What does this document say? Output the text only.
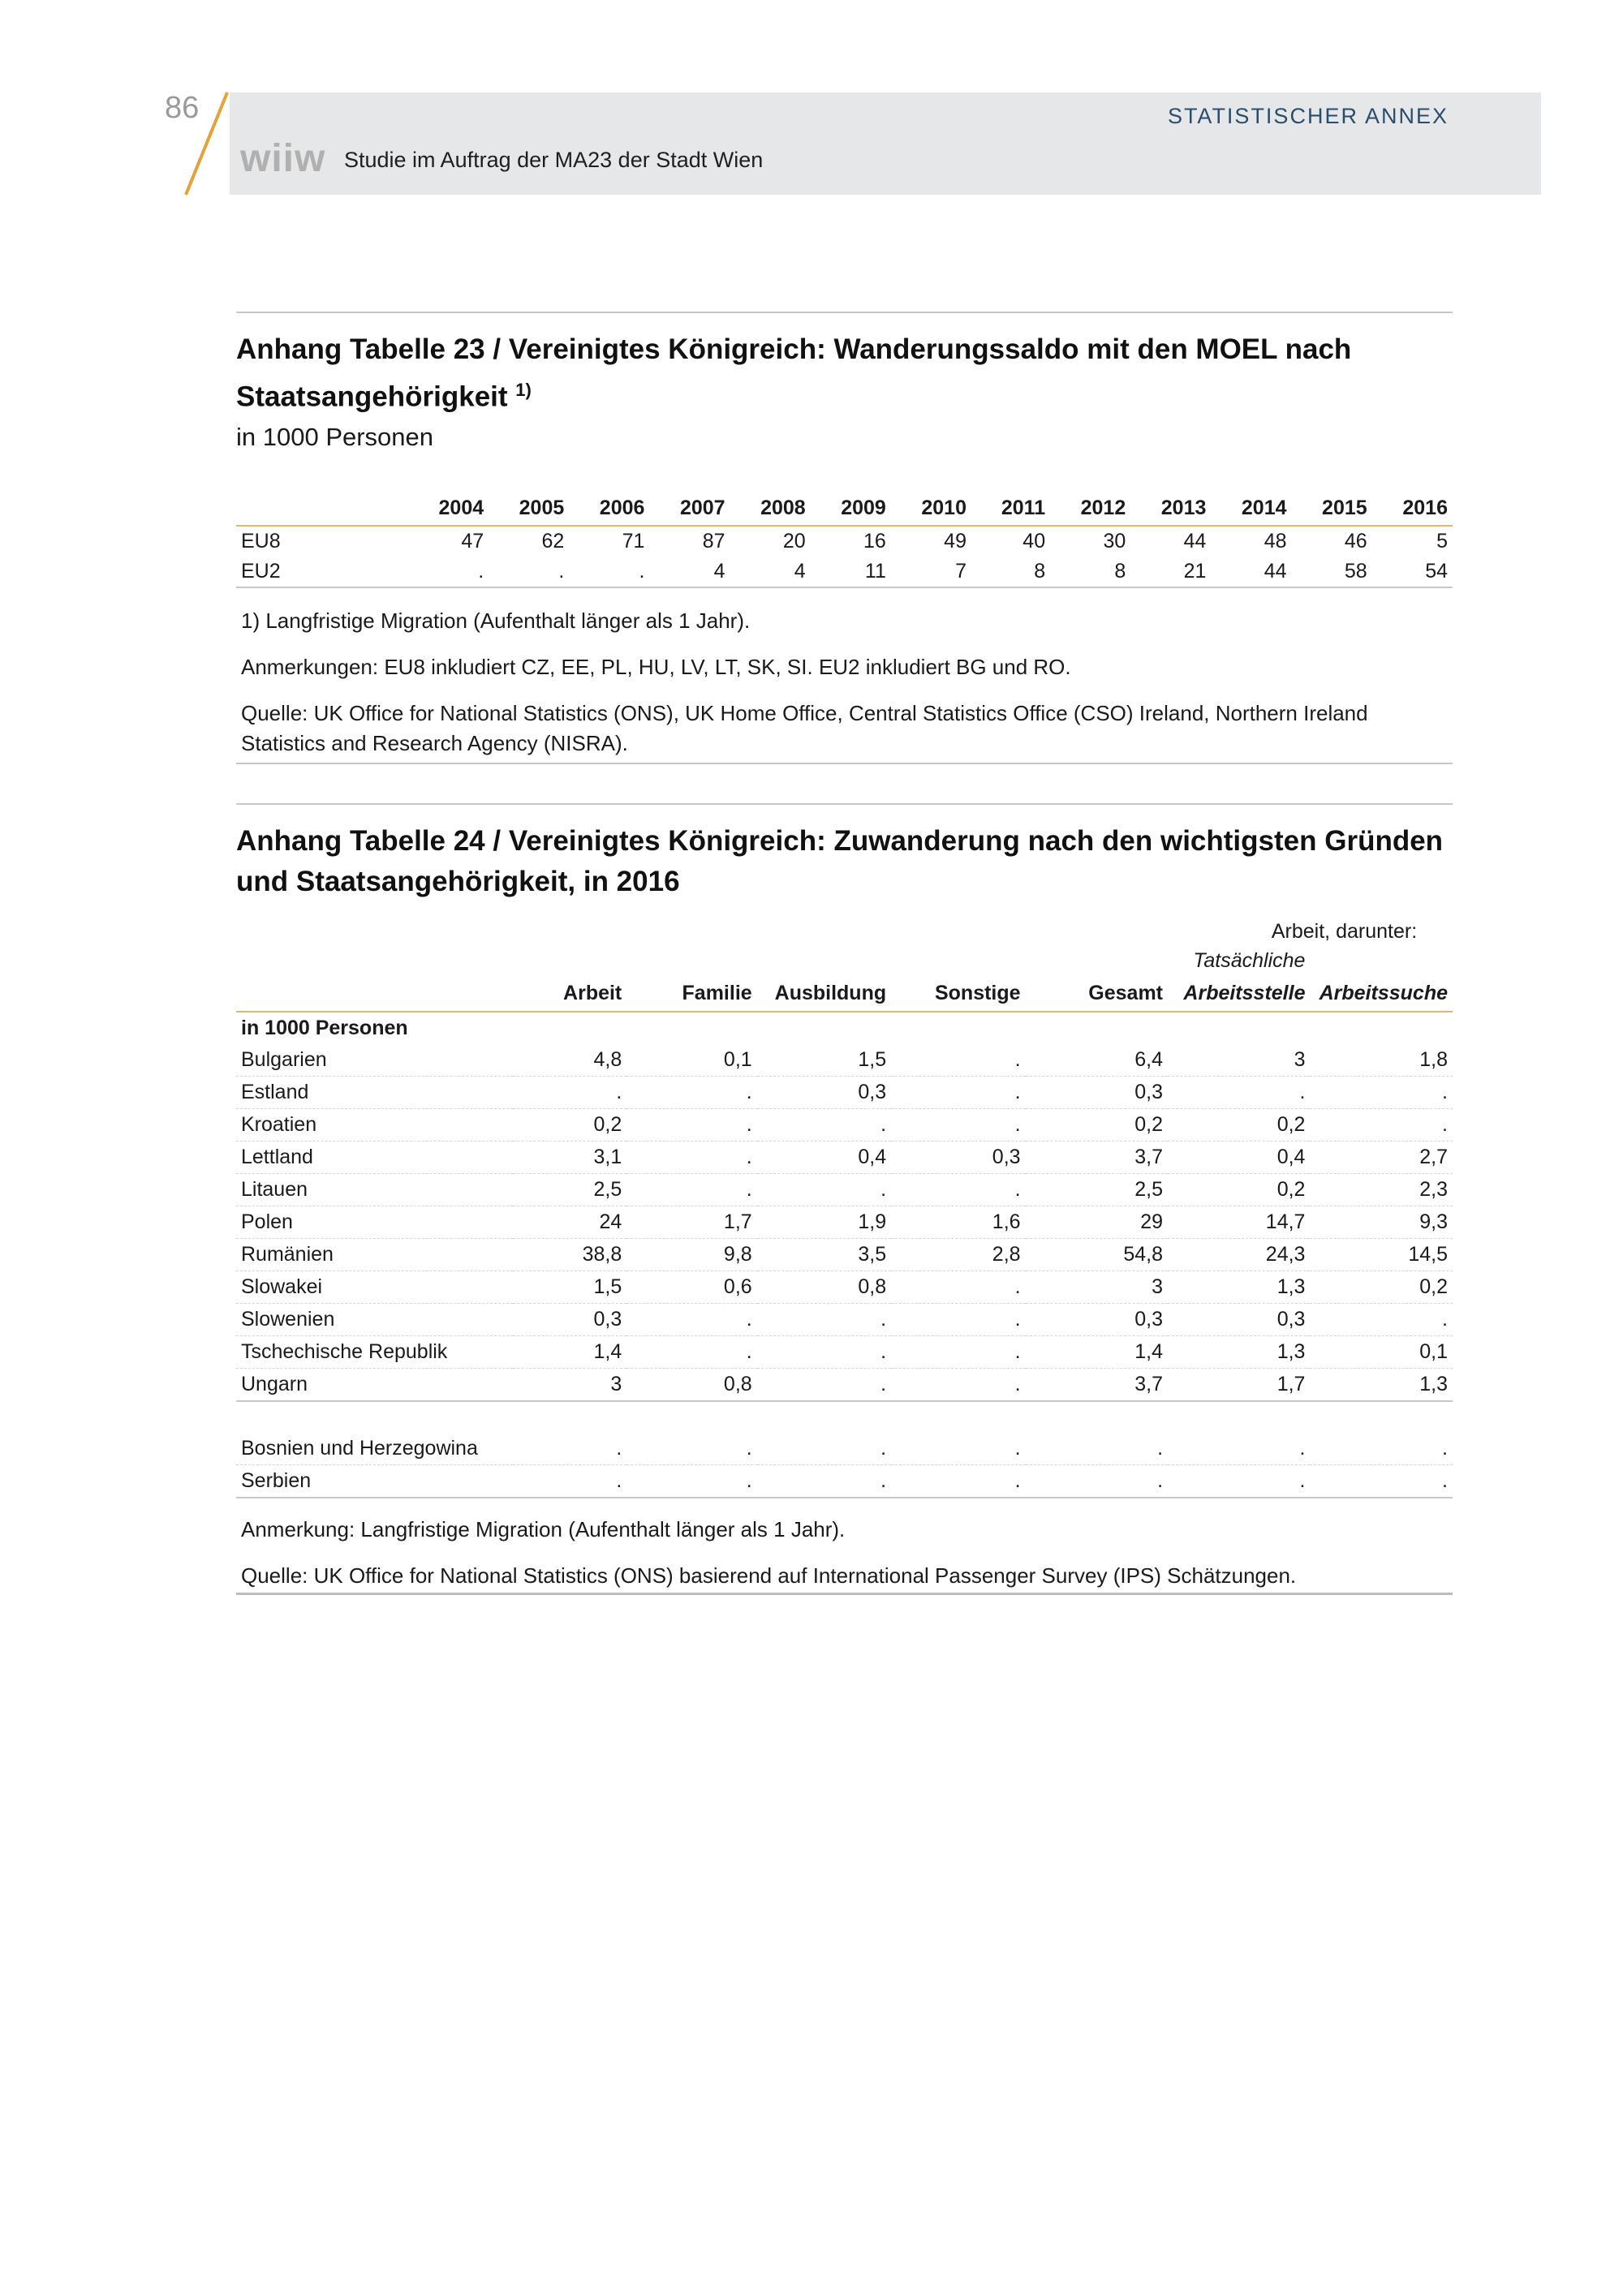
86
wiiw Studie im Auftrag der MA23 der Stadt Wien
STATISTISCHER ANNEX
Anhang Tabelle 23 / Vereinigtes Königreich: Wanderungssaldo mit den MOEL nach
Staatsangehörigkeit $^{1)}$
in 1000 Personen
	2004	2005	2006	2007	2008	2009	2010	2011	2012	2013	2014	2015	2016
EU8	47	62	71	87	20	16	49	40	30	44	48	46	5
EU2	.	.	.	4	4	11	7	8	8	21	44	58	54
1) Langfristige Migration (Aufenthalt länger als 1 Jahr).
Anmerkungen: EU8 inkludiert CZ, EE, PL, HU, LV, LT, SK, SI. EU2 inkludiert BG und RO.
Quelle: UK Office for National Statistics (ONS), UK Home Office, Central Statistics Office (CSO) Ireland, Northern Ireland Statistics and Research Agency (NISRA).
Anhang Tabelle 24 / Vereinigtes Königreich: Zuwanderung nach den wichtigsten Gründen
und Staatsangehörigkeit, in 2016
						Arbeit, darunter:	
						Tatsächliche	
	Arbeit	Familie	Ausbildung	Sonstige	Gesamt	Arbeitsstelle	Arbeitssuche
in 1000 Personen							
Bulgarien	4,8	0,1	1,5	.	6,4	3	1,8
Estland	.	.	0,3	.	0,3	.	.
Kroatien	0,2	.	.	.	0,2	0,2	.
Lettland	3,1	.	0,4	0,3	3,7	0,4	2,7
Litauen	2,5	.	.	.	2,5	0,2	2,3
Polen	24	1,7	1,9	1,6	29	14,7	9,3
Rumänien	38,8	9,8	3,5	2,8	54,8	24,3	14,5
Slowakei	1,5	0,6	0,8	.	3	1,3	0,2
Slowenien	0,3	.	.	.	0,3	0,3	.
Tschechische Republik	1,4	.	.	.	1,4	1,3	0,1
Ungarn	3	0,8	.	.	3,7	1,7	1,3

Bosnien und Herzegowina	.	.	.	.	.	.	.
Serbien	.	.	.	.	.	.	.
Anmerkung: Langfristige Migration (Aufenthalt länger als 1 Jahr).
Quelle: UK Office for National Statistics (ONS) basierend auf International Passenger Survey (IPS) Schätzungen.
